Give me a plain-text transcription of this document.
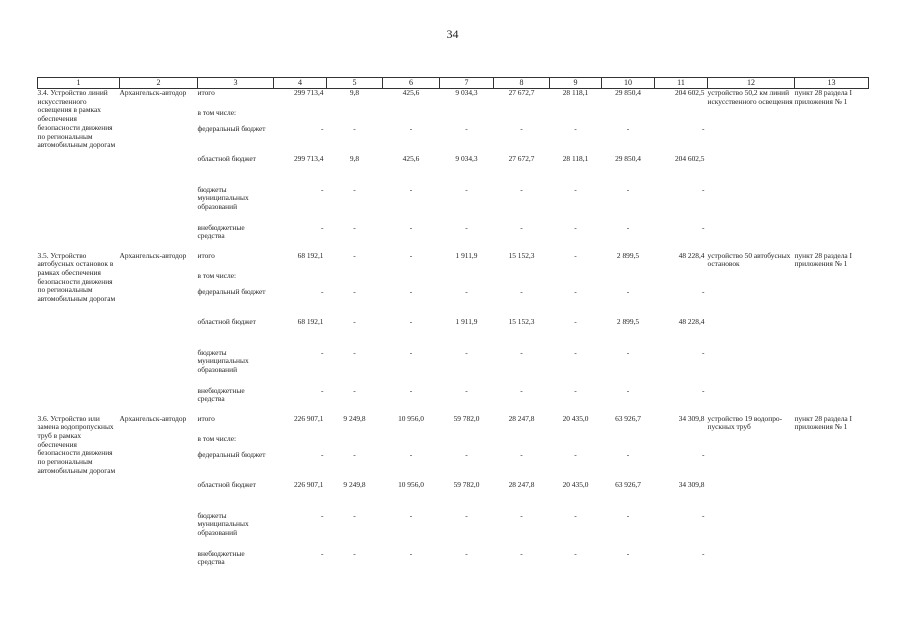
34
1	2	3	4	5	6	7	8	9	10	11	12	13
3.4. Устройство линий искусственного освещения в рамках обеспечения безопасности движения по региональным автомобильным дорогам	Архангельск-автодор	итого	299 713,4	9,8	425,6	9 034,3	27 672,7	28 118,1	29 850,4	204 602,5	устройство 50,2 км линий искусственного освещения	пункт 28 раздела I приложения № 1
		в том числе:										
		федеральный бюджет	-	-	-	-	-	-	-	-		
		областной бюджет	299 713,4	9,8	425,6	9 034,3	27 672,7	28 118,1	29 850,4	204 602,5		
		бюджеты муниципальных образований	-	-	-	-	-	-	-	-		
		внебюджетные средства	-	-	-	-	-	-	-	-		

3.5. Устройство автобусных остановок в рамках обеспечения безопасности движения по региональным автомобильным дорогам	Архангельск-автодор	итого	68 192,1	-	-	1 911,9	15 152,3	-	2 899,5	48 228,4	устройство 50 автобусных остановок	пункт 28 раздела I приложения № 1
		в том числе:										
		федеральный бюджет	-	-	-	-	-	-	-	-		
		областной бюджет	68 192,1	-	-	1 911,9	15 152,3	-	2 899,5	48 228,4		
		бюджеты муниципальных образований	-	-	-	-	-	-	-	-		
		внебюджетные средства	-	-	-	-	-	-	-	-		

3.6. Устройство или замена водопропускных труб в рамках обеспечения безопасности движения по региональным автомобильным дорогам	Архангельск-автодор	итого	226 907,1	9 249,8	10 956,0	59 782,0	28 247,8	20 435,0	63 926,7	34 309,8	устройство 19 водопро-пускных труб	пункт 28 раздела I приложения № 1
		в том числе:										
		федеральный бюджет	-	-	-	-	-	-	-	-		
		областной бюджет	226 907,1	9 249,8	10 956,0	59 782,0	28 247,8	20 435,0	63 926,7	34 309,8		
		бюджеты муниципальных образований	-	-	-	-	-	-	-	-		
		внебюджетные средства	-	-	-	-	-	-	-	-		
